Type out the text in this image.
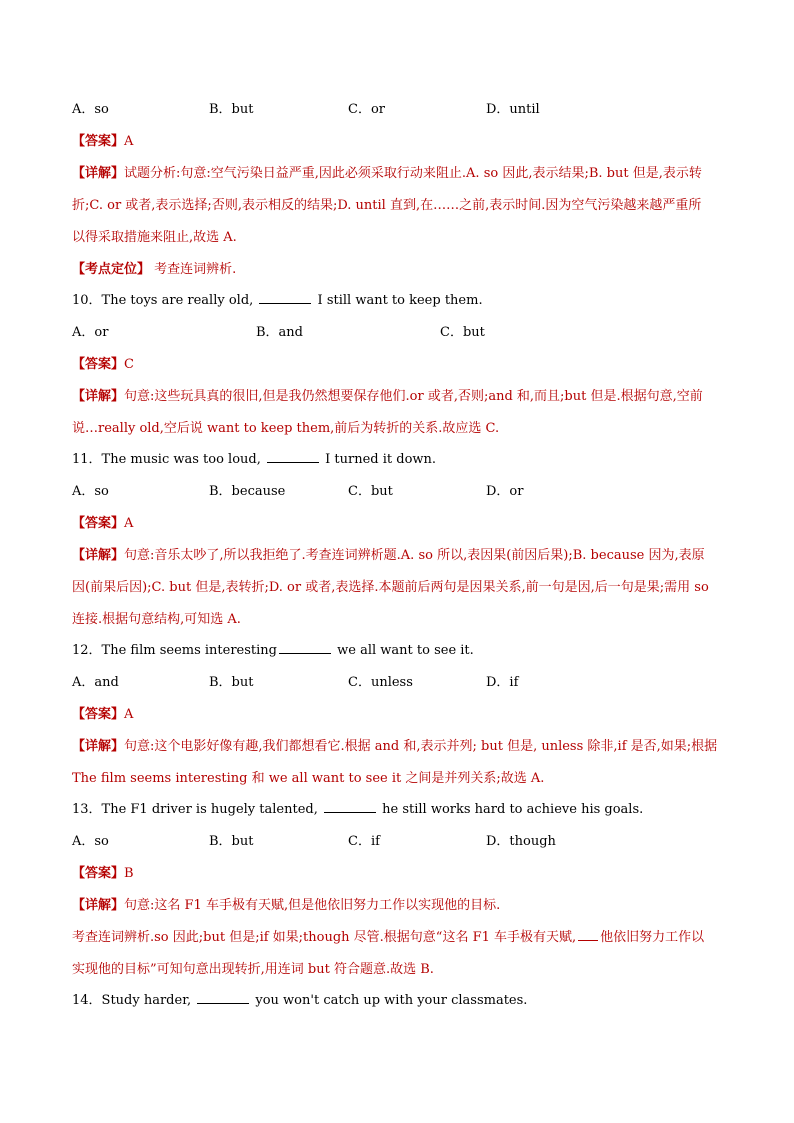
A．so	B．but	C．or	D．until
【答案】A
【详解】试题分析:句意:空气污染日益严重,因此必须采取行动来阻止.A. so 因此,表示结果;B. but 但是,表示转
折;C. or 或者,表示选择;否则,表示相反的结果;D. until 直到,在……之前,表示时间.因为空气污染越来越严重所
以得采取措施来阻止,故选 A.
【考点定位】 考查连词辨析.
10．The toys are really old,	I still want to keep them.
A．or	B．and	C．but
【答案】C
【详解】句意:这些玩具真的很旧,但是我仍然想要保存他们.or 或者,否则;and 和,而且;but 但是.根据句意,空前
说…really old,空后说 want to keep them,前后为转折的关系.故应选 C.
11．The music was too loud,	I turned it down.
A．so	B．because	C．but	D．or
【答案】A
【详解】句意:音乐太吵了,所以我拒绝了.考查连词辨析题.A. so 所以,表因果(前因后果);B. because 因为,表原
因(前果后因);C. but 但是,表转折;D. or 或者,表选择.本题前后两句是因果关系,前一句是因,后一句是果;需用 so
连接.根据句意结构,可知选 A.
12．The film seems interesting	we all want to see it.
A．and	B．but	C．unless	D．if
【答案】A
【详解】句意:这个电影好像有趣,我们都想看它.根据 and 和,表示并列; but 但是, unless 除非,if 是否,如果;根据
The film seems interesting 和 we all want to see it 之间是并列关系;故选 A.
13．The F1 driver is hugely talented,	he still works hard to achieve his goals.
A．so	B．but	C．if	D．though
【答案】B
【详解】句意:这名 F1 车手极有天赋,但是他依旧努力工作以实现他的目标.
考查连词辨析.so 因此;but 但是;if 如果;though 尽管.根据句意“这名 F1 车手极有天赋, 他依旧努力工作以
实现他的目标”可知句意出现转折,用连词 but 符合题意.故选 B.
14．Study harder,	you won't catch up with your classmates.
